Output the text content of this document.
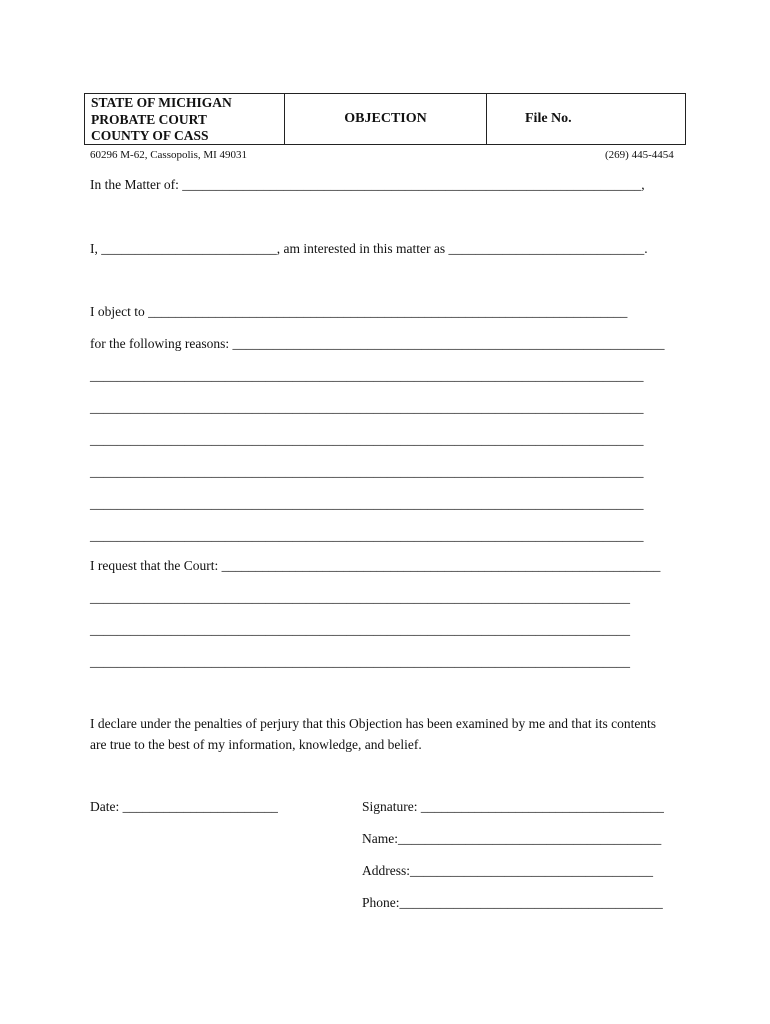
STATE OF MICHIGAN
PROBATE COURT
COUNTY OF CASS
OBJECTION	File No.
60296 M-62, Cassopolis, MI 49031	(269) 445-4454
In the Matter of: ____________________________________________________________________,
I, __________________________, am interested in this matter as _____________________________.
I object to _______________________________________________________________________
for the following reasons: ________________________________________________________________
__________________________________________________________________________________
__________________________________________________________________________________
__________________________________________________________________________________
__________________________________________________________________________________
__________________________________________________________________________________
__________________________________________________________________________________
I request that the Court: _________________________________________________________________
________________________________________________________________________________
________________________________________________________________________________
________________________________________________________________________________
I declare under the penalties of perjury that this Objection has been examined by me and that its contents
are true to the best of my information, knowledge, and belief.
Date: _______________________	Signature: ____________________________________
Name:_______________________________________
Address:____________________________________
Phone:_______________________________________
